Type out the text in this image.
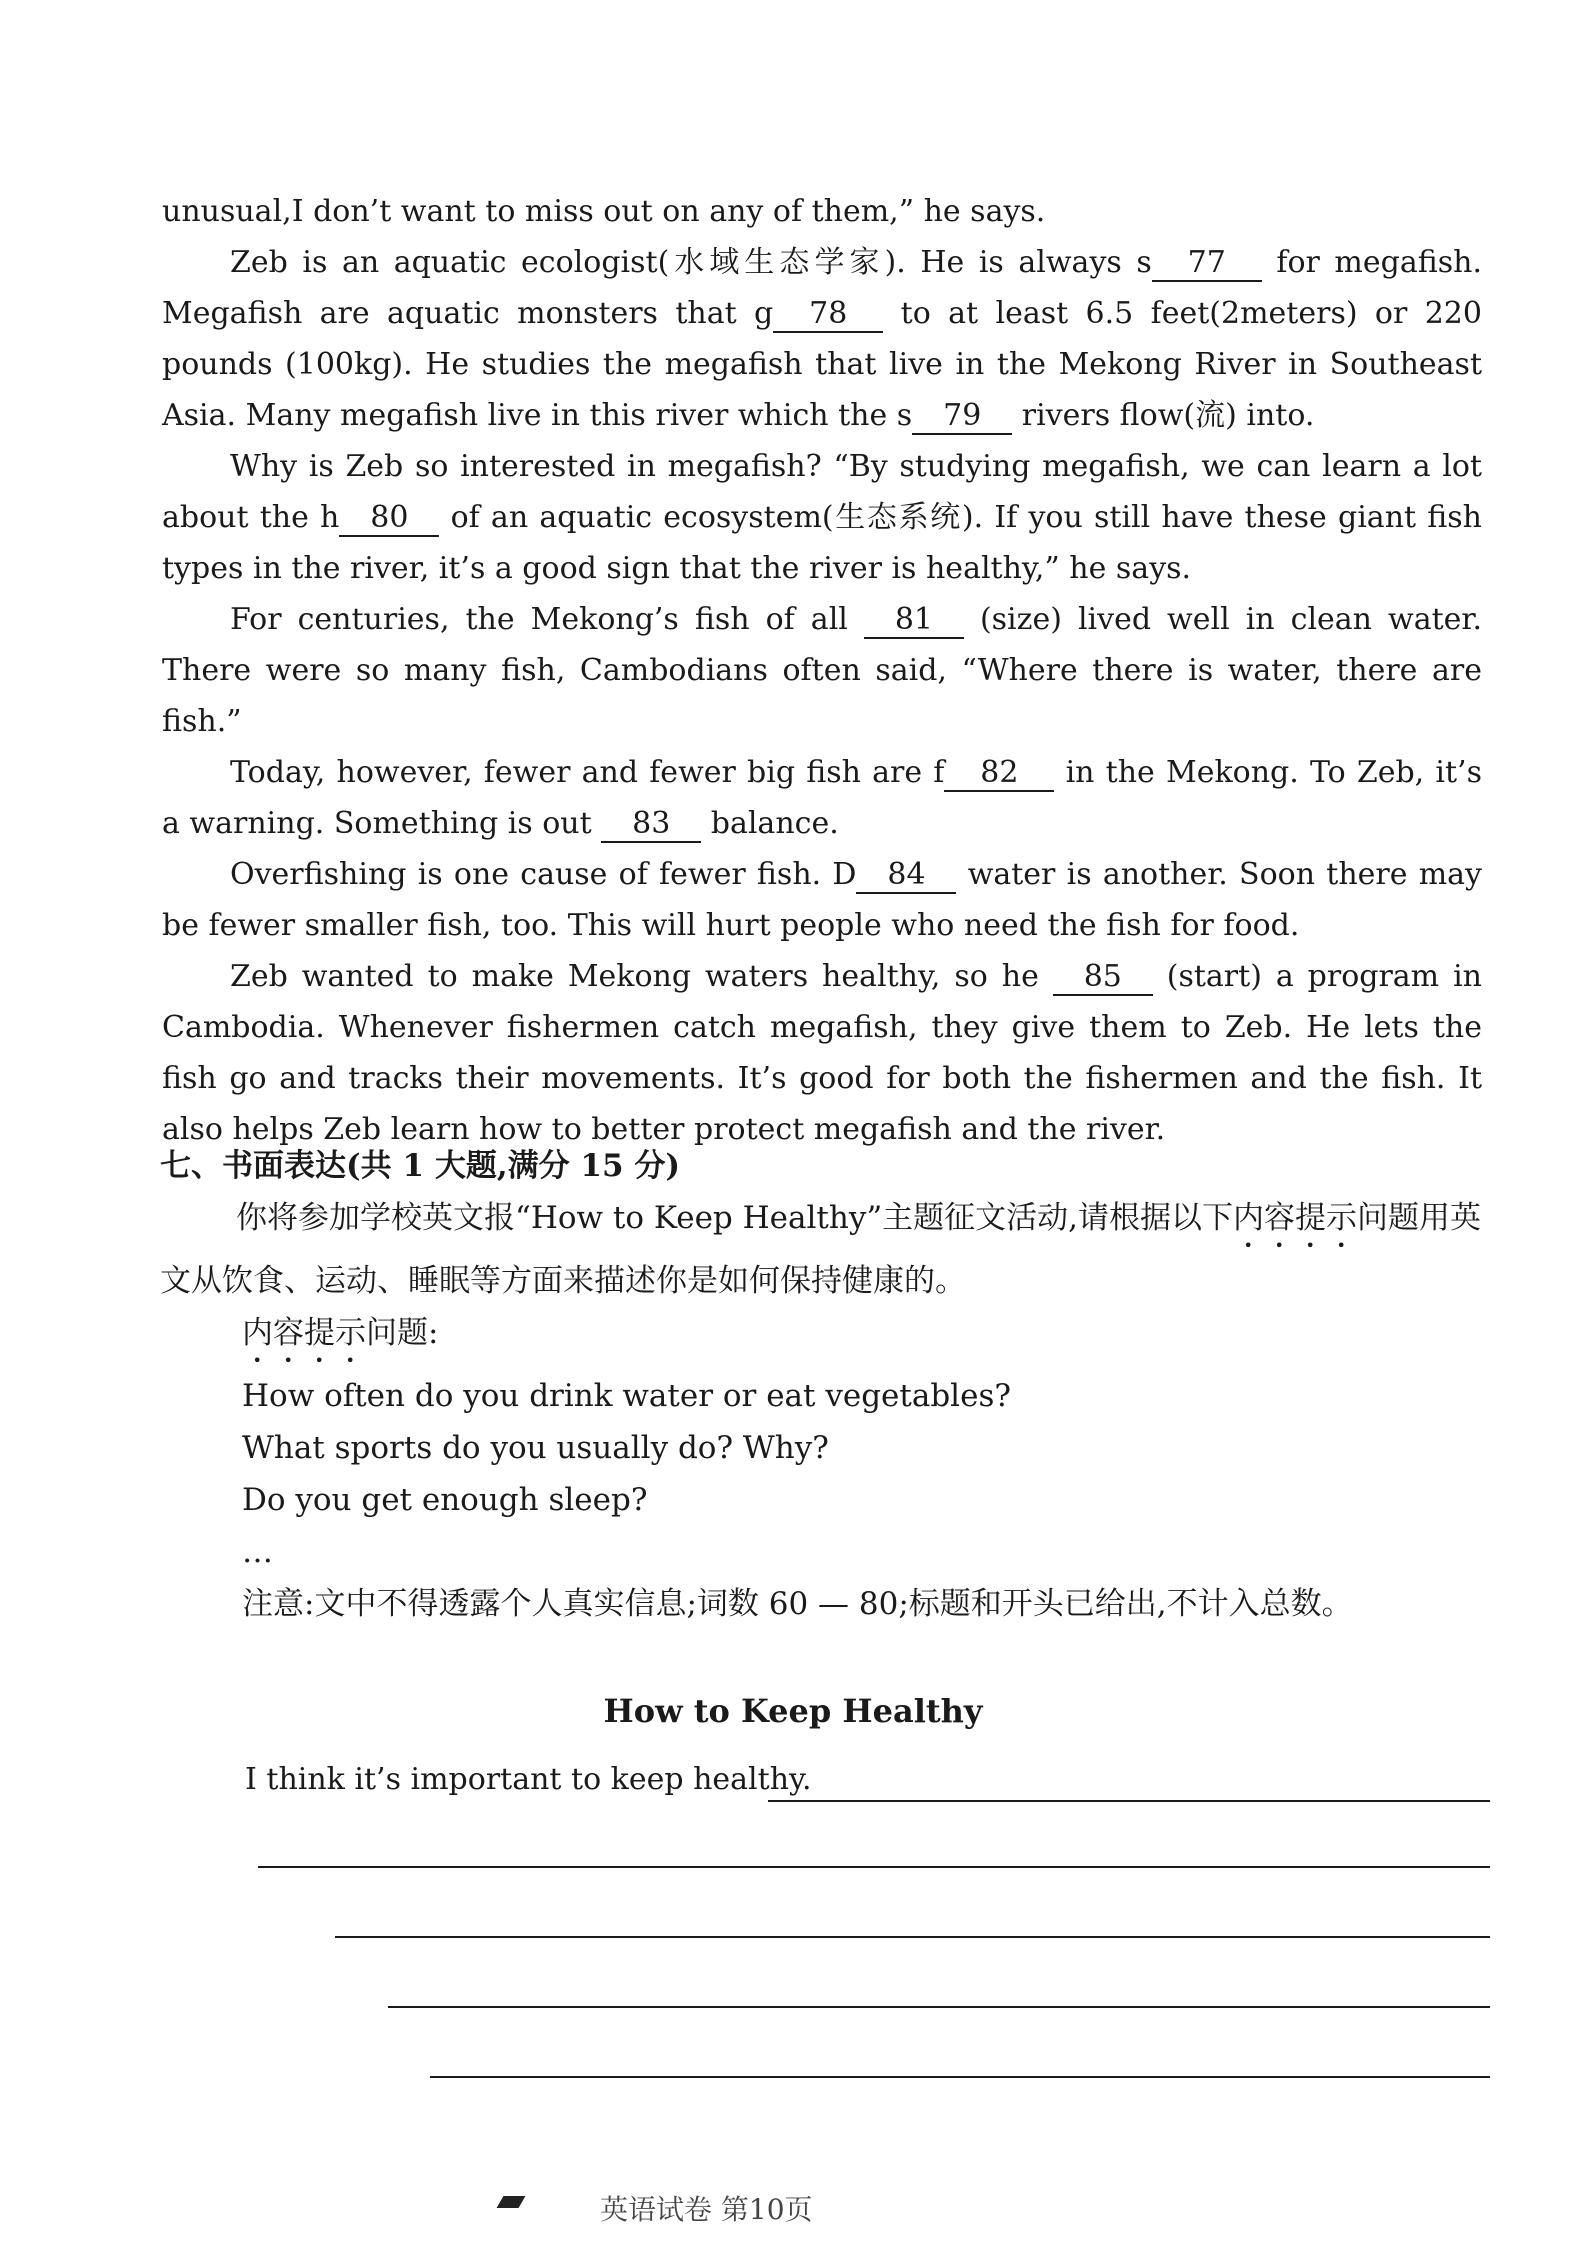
unusual,I don’t want to miss out on any of them,” he says.

Zeb is an aquatic ecologist(水域生态学家). He is always s 77 for megafish. Megafish are aquatic monsters that g 78 to at least 6.5 feet(2meters) or 220 pounds (100kg). He studies the megafish that live in the Mekong River in Southeast Asia. Many megafish live in this river which the s 79 rivers flow(流) into.

Why is Zeb so interested in megafish? “By studying megafish, we can learn a lot about the h 80 of an aquatic ecosystem(生态系统). If you still have these giant fish types in the river, it’s a good sign that the river is healthy,” he says.

For centuries, the Mekong’s fish of all 81 (size) lived well in clean water. There were so many fish, Cambodians often said, “Where there is water, there are fish.”

Today, however, fewer and fewer big fish are f 82 in the Mekong. To Zeb, it’s a warning. Something is out 83 balance.

Overfishing is one cause of fewer fish. D 84 water is another. Soon there may be fewer smaller fish, too. This will hurt people who need the fish for food.

Zeb wanted to make Mekong waters healthy, so he 85 (start) a program in Cambodia. Whenever fishermen catch megafish, they give them to Zeb. He lets the fish go and tracks their movements. It’s good for both the fishermen and the fish. It also helps Zeb learn how to better protect megafish and the river.

七、书面表达(共 1 大题,满分 15 分)

你将参加学校英文报“How to Keep Healthy”主题征文活动,请根据以下内容提示问题用英文从饮食、运动、睡眠等方面来描述你是如何保持健康的。

内容提示问题:
How often do you drink water or eat vegetables?
What sports do you usually do? Why?
Do you get enough sleep?
…
注意:文中不得透露个人真实信息;词数 60 — 80;标题和开头已给出,不计入总数。
How to Keep Healthy
I think it’s important to keep healthy.
英语试卷 第10页
